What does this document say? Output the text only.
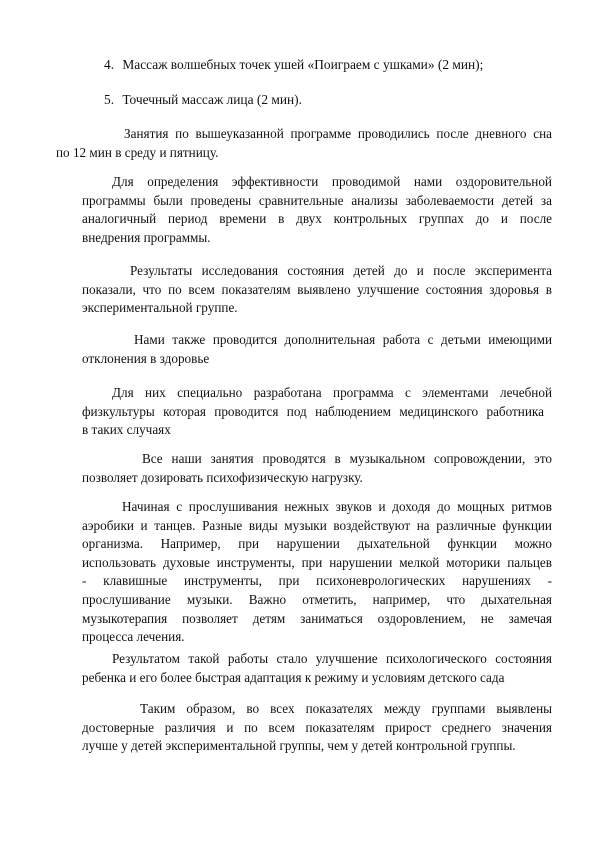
4. Массаж волшебных точек ушей «Поиграем с ушками» (2 мин);
5. Точечный массаж лица (2 мин).
Занятия по вышеуказанной программе проводились после дневного сна
по 12 мин в среду и пятницу.
Для определения эффективности проводимой нами оздоровительной
программы были проведены сравнительные анализы заболеваемости детей за
аналогичный период времени в двух контрольных группах до и после
внедрения программы.
Результаты исследования состояния детей до и после эксперимента
показали, что по всем показателям выявлено улучшение состояния здоровья в
экспериментальной группе.
Нами также проводится дополнительная работа с детьми имеющими
отклонения в здоровье
Для них специально разработана программа с элементами лечебной
физкультуры которая проводится под наблюдением медицинского работника
в таких случаях
Все наши занятия проводятся в музыкальном сопровождении, это
позволяет дозировать психофизическую нагрузку.
Начиная с прослушивания нежных звуков и доходя до мощных ритмов
аэробики и танцев. Разные виды музыки воздействуют на различные функции
организма. Например, при нарушении дыхательной функции можно
использовать духовые инструменты, при нарушении мелкой моторики пальцев
- клавишные инструменты, при психоневрологических нарушениях -
прослушивание музыки. Важно отметить, например, что дыхательная
музыкотерапия позволяет детям заниматься оздоровлением, не замечая
процесса лечения.
Результатом такой работы стало улучшение психологического состояния
ребенка и его более быстрая адаптация к режиму и условиям детского сада
Таким образом, во всех показателях между группами выявлены
достоверные различия и по всем показателям прирост среднего значения
лучше у детей экспериментальной группы, чем у детей контрольной группы.
